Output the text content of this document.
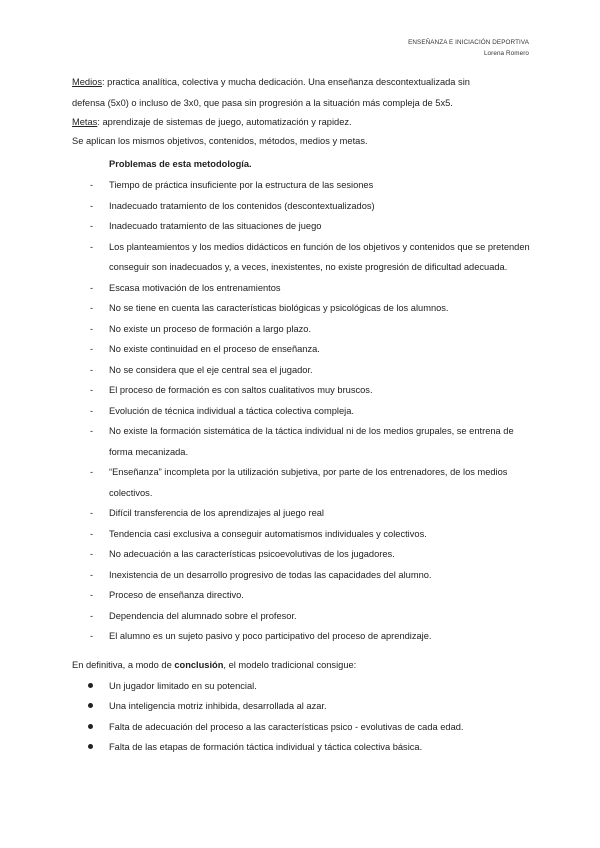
ENSEÑANZA E INICIACIÓN DEPORTIVA
Lorena Romero
Medios: practica analítica, colectiva y mucha dedicación. Una enseñanza descontextualizada sin
defensa (5x0) o incluso de 3x0, que pasa sin progresión a la situación más compleja de 5x5.
Metas: aprendizaje de sistemas de juego, automatización y rapidez.
Se aplican los mismos objetivos, contenidos, métodos, medios y metas.
Problemas de esta metodología.
- Tiempo de práctica insuficiente por la estructura de las sesiones
- Inadecuado tratamiento de los contenidos (descontextualizados)
- Inadecuado tratamiento de las situaciones de juego
- Los planteamientos y los medios didácticos en función de los objetivos y contenidos que se pretenden conseguir son inadecuados y, a veces, inexistentes, no existe progresión de dificultad adecuada.
- Escasa motivación de los entrenamientos
- No se tiene en cuenta las características biológicas y psicológicas de los alumnos.
- No existe un proceso de formación a largo plazo.
- No existe continuidad en el proceso de enseñanza.
- No se considera que el eje central sea el jugador.
- El proceso de formación es con saltos cualitativos muy bruscos.
- Evolución de técnica individual a táctica colectiva compleja.
- No existe la formación sistemática de la táctica individual ni de los medios grupales, se entrena de forma mecanizada.
- “Enseñanza” incompleta por la utilización subjetiva, por parte de los entrenadores, de los medios colectivos.
- Difícil transferencia de los aprendizajes al juego real
- Tendencia casi exclusiva a conseguir automatismos individuales y colectivos.
- No adecuación a las características psicoevolutivas de los jugadores.
- Inexistencia de un desarrollo progresivo de todas las capacidades del alumno.
- Proceso de enseñanza directivo.
- Dependencia del alumnado sobre el profesor.
- El alumno es un sujeto pasivo y poco participativo del proceso de aprendizaje.
En definitiva, a modo de conclusión, el modelo tradicional consigue:
Un jugador limitado en su potencial.
Una inteligencia motriz inhibida, desarrollada al azar.
Falta de adecuación del proceso a las características psico - evolutivas de cada edad.
Falta de las etapas de formación táctica individual y táctica colectiva básica.
